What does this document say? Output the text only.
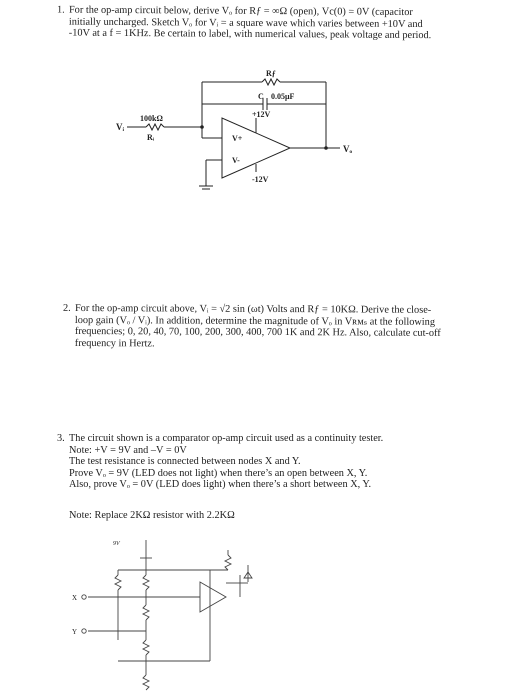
1. For the op-amp circuit below, derive Vₒ for Rƒ = ∞Ω (open), Vc(0) = 0V (capacitor
initially uncharged. Sketch Vₒ for Vᵢ = a square wave which varies between +10V and
-10V at a f = 1KHz. Be certain to label, with numerical values, peak voltage and period.
Rƒ
C 0.05μF
+12V
-12V
100kΩ
Rᵢ
Vᵢ
Vₒ
V+
V-
9V
X
Y
2. For the op-amp circuit above, Vᵢ = √2 sin (ωt) Volts and Rƒ = 10KΩ. Derive the close-
loop gain (Vₒ / Vᵢ). In addition, determine the magnitude of Vₒ in Vʀᴍₛ at the following
frequencies; 0, 20, 40, 70, 100, 200, 300, 400, 700 1K and 2K Hz. Also, calculate cut-off
frequency in Hertz.
3. The circuit shown is a comparator op-amp circuit used as a continuity tester.
Note: +V = 9V and –V = 0V
The test resistance is connected between nodes X and Y.
Prove Vₒ = 9V (LED does not light) when there’s an open between X, Y.
Also, prove Vₒ = 0V (LED does light) when there’s a short between X, Y.
Note: Replace 2KΩ resistor with 2.2KΩ
